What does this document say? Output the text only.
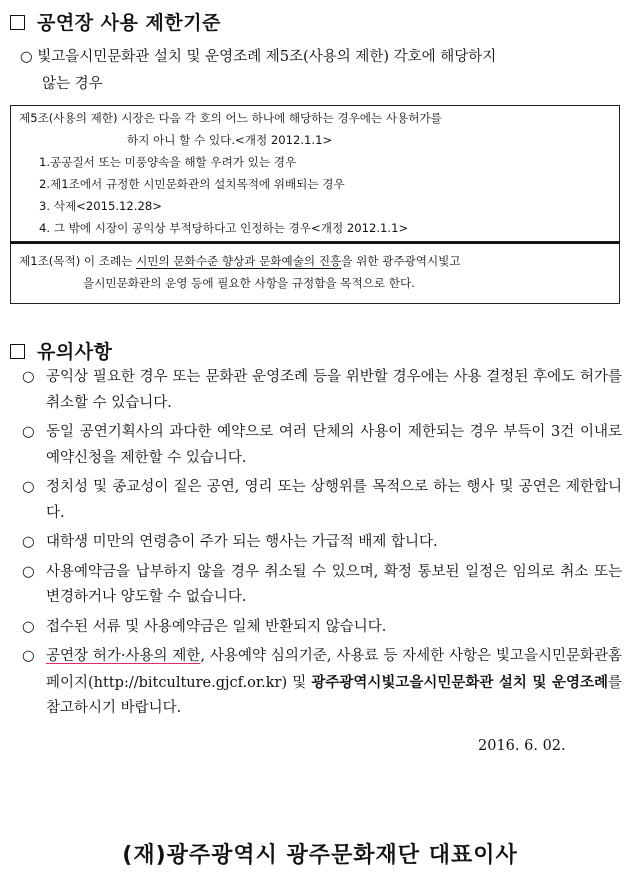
공연장 사용 제한기준
○ 빛고을시민문화관 설치 및 운영조례 제5조(사용의 제한) 각호에 해당하지
않는 경우
제5조(사용의 제한) 시장은 다음 각 호의 어느 하나에 해당하는 경우에는 사용허가를
하지 아니 할 수 있다.<개정 2012.1.1>
1.공공질서 또는 미풍양속을 해할 우려가 있는 경우
2.제1조에서 규정한 시민문화관의 설치목적에 위배되는 경우
3. 삭제<2015.12.28>
4. 그 밖에 시장이 공익상 부적당하다고 인정하는 경우<개정 2012.1.1>
제1조(목적) 이 조례는 시민의 문화수준 향상과 문화예술의 진흥을 위한 광주광역시빛고
을시민문화관의 운영 등에 필요한 사항을 규정함을 목적으로 한다.
유의사항
○ 공익상 필요한 경우 또는 문화관 운영조례 등을 위반할 경우에는 사용 결정된 후에도 허가를 취소할 수 있습니다.
○ 동일 공연기획사의 과다한 예약으로 여러 단체의 사용이 제한되는 경우 부득이 3건 이내로 예약신청을 제한할 수 있습니다.
○ 정치성 및 종교성이 짙은 공연, 영리 또는 상행위를 목적으로 하는 행사 및 공연은 제한합니다.
○ 대학생 미만의 연령층이 주가 되는 행사는 가급적 배제 합니다.
○ 사용예약금을 납부하지 않을 경우 취소될 수 있으며, 확정 통보된 일정은 임의로 취소 또는 변경하거나 양도할 수 없습니다.
○ 접수된 서류 및 사용예약금은 일체 반환되지 않습니다.
○ 공연장 허가·사용의 제한, 사용예약 심의기준, 사용료 등 자세한 사항은 빛고을시민문화관홈페이지(http://bitculture.gjcf.or.kr) 및 광주광역시빛고을시민문화관 설치 및 운영조례를 참고하시기 바랍니다.
2016. 6. 02.
(재)광주광역시 광주문화재단 대표이사
